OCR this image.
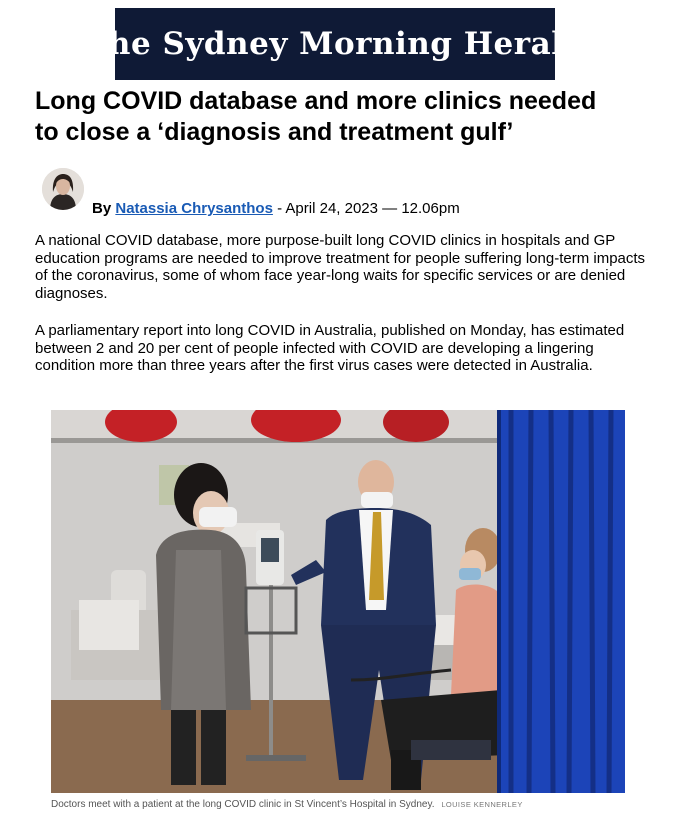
The Sydney Morning Herald
Long COVID database and more clinics needed
to close a ‘diagnosis and treatment gulf’
By Natassia Chrysanthos - April 24, 2023 — 12.06pm

A national COVID database, more purpose-built long COVID clinics in hospitals and GP education programs are needed to improve treatment for people suffering long-term impacts of the coronavirus, some of whom face year-long waits for specific services or are denied diagnoses.

A parliamentary report into long COVID in Australia, published on Monday, has estimated between 2 and 20 per cent of people infected with COVID are developing a lingering condition more than three years after the first virus cases were detected in Australia.

Doctors meet with a patient at the long COVID clinic in St Vincent’s Hospital in Sydney. LOUISE KENNERLEY
